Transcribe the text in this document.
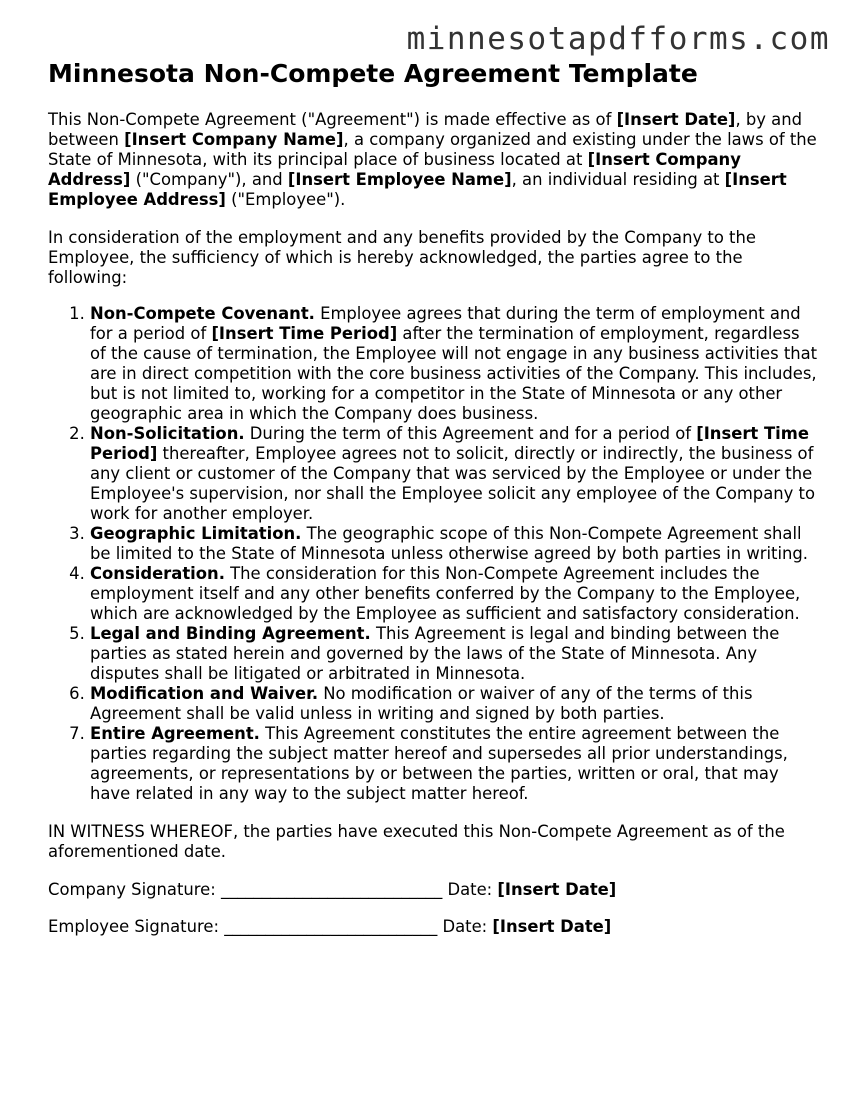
minnesotapdfforms.com
Minnesota Non-Compete Agreement Template

This Non-Compete Agreement ("Agreement") is made effective as of [Insert Date], by and between [Insert Company Name], a company organized and existing under the laws of the State of Minnesota, with its principal place of business located at [Insert Company Address] ("Company"), and [Insert Employee Name], an individual residing at [Insert Employee Address] ("Employee").

In consideration of the employment and any benefits provided by the Company to the Employee, the sufficiency of which is hereby acknowledged, the parties agree to the following:

1. Non-Compete Covenant. Employee agrees that during the term of employment and for a period of [Insert Time Period] after the termination of employment, regardless of the cause of termination, the Employee will not engage in any business activities that are in direct competition with the core business activities of the Company. This includes, but is not limited to, working for a competitor in the State of Minnesota or any other geographic area in which the Company does business.
2. Non-Solicitation. During the term of this Agreement and for a period of [Insert Time Period] thereafter, Employee agrees not to solicit, directly or indirectly, the business of any client or customer of the Company that was serviced by the Employee or under the Employee's supervision, nor shall the Employee solicit any employee of the Company to work for another employer.
3. Geographic Limitation. The geographic scope of this Non-Compete Agreement shall be limited to the State of Minnesota unless otherwise agreed by both parties in writing.
4. Consideration. The consideration for this Non-Compete Agreement includes the employment itself and any other benefits conferred by the Company to the Employee, which are acknowledged by the Employee as sufficient and satisfactory consideration.
5. Legal and Binding Agreement. This Agreement is legal and binding between the parties as stated herein and governed by the laws of the State of Minnesota. Any disputes shall be litigated or arbitrated in Minnesota.
6. Modification and Waiver. No modification or waiver of any of the terms of this Agreement shall be valid unless in writing and signed by both parties.
7. Entire Agreement. This Agreement constitutes the entire agreement between the parties regarding the subject matter hereof and supersedes all prior understandings, agreements, or representations by or between the parties, written or oral, that may have related in any way to the subject matter hereof.

IN WITNESS WHEREOF, the parties have executed this Non-Compete Agreement as of the aforementioned date.

Company Signature: ___________________________ Date: [Insert Date]

Employee Signature: __________________________ Date: [Insert Date]
